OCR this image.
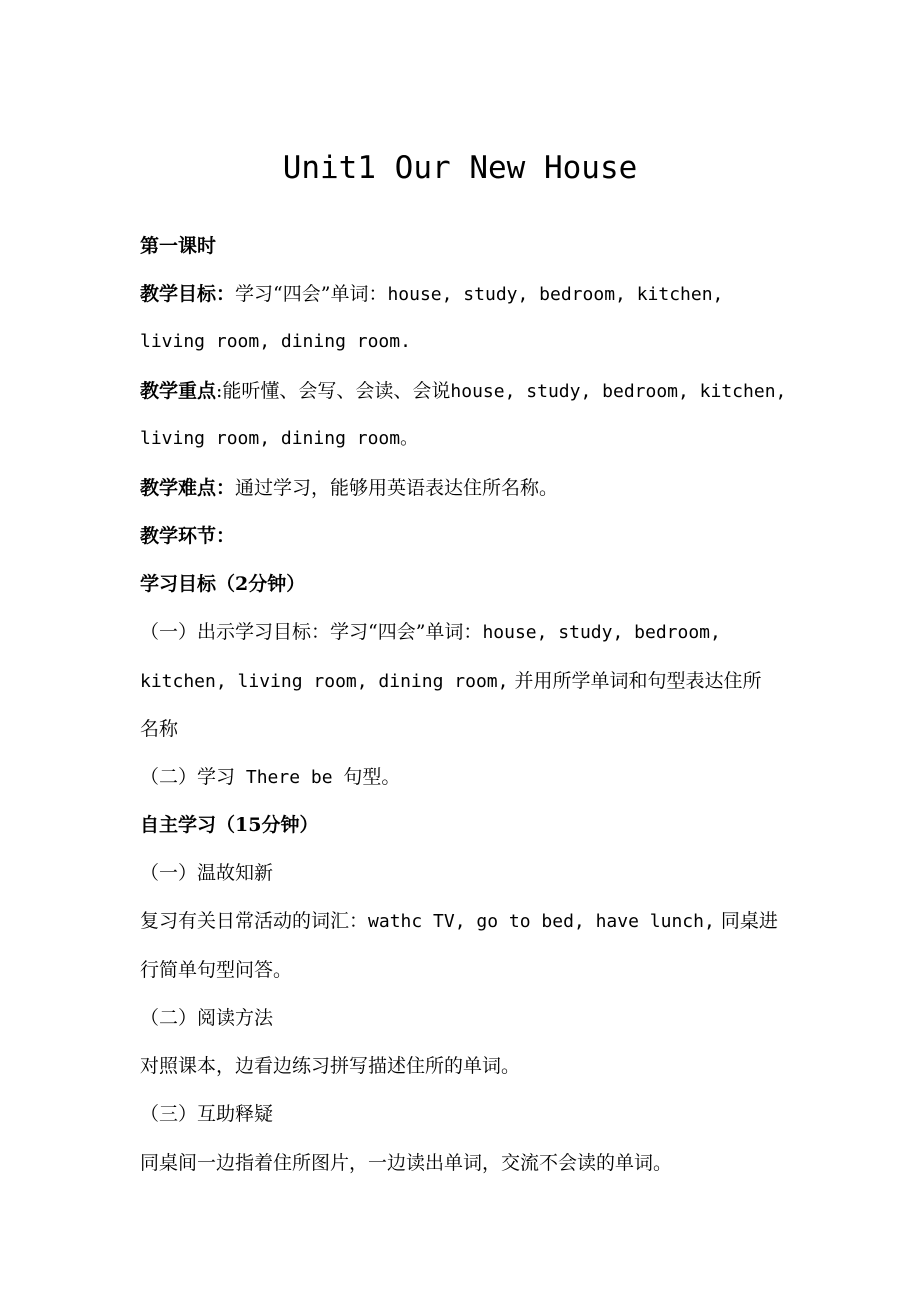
Unit1 Our New House
第一课时
教学目标：学习“四会”单词：house, study, bedroom, kitchen,
living room, dining room.
教学重点:能听懂、会写、会读、会说house, study, bedroom, kitchen,
living room, dining room。
教学难点：通过学习，能够用英语表达住所名称。
教学环节：
学习目标（2分钟）
（一）出示学习目标：学习“四会”单词：house, study, bedroom,
kitchen, living room, dining room, 并用所学单词和句型表达住所
名称
（二）学习 There be 句型。
自主学习（15分钟）
（一）温故知新
复习有关日常活动的词汇：wathc TV, go to bed, have lunch, 同桌进
行简单句型问答。
（二）阅读方法
对照课本，边看边练习拼写描述住所的单词。
（三）互助释疑
同桌间一边指着住所图片，一边读出单词，交流不会读的单词。
